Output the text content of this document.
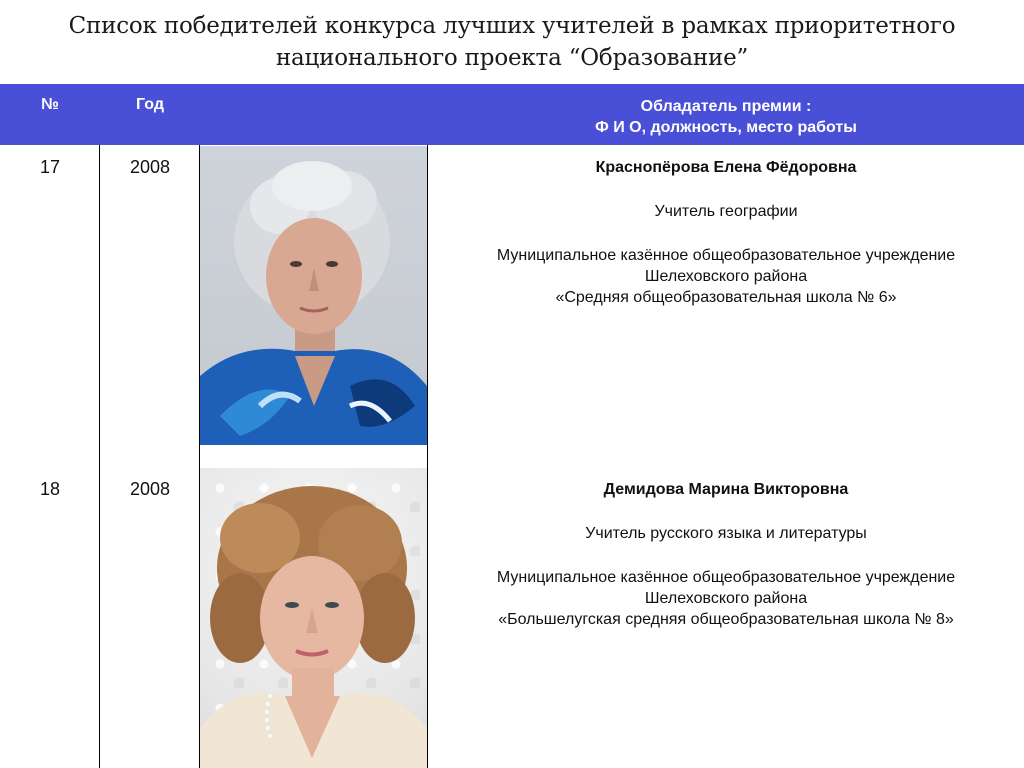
Список победителей конкурса лучших учителей в рамках приоритетного
национального проекта “Образование”
№	Год	Обладатель премии :
Ф И О, должность, место работы
17	2008	Краснопёрова Елена Фёдоровна
Учитель географии
Муниципальное казённое общеобразовательное учреждение
Шелеховского района
«Средняя общеобразовательная школа № 6»
18	2008	Демидова Марина Викторовна
Учитель русского языка и литературы
Муниципальное казённое общеобразовательное учреждение
Шелеховского района
«Большелугская средняя общеобразовательная школа № 8»
